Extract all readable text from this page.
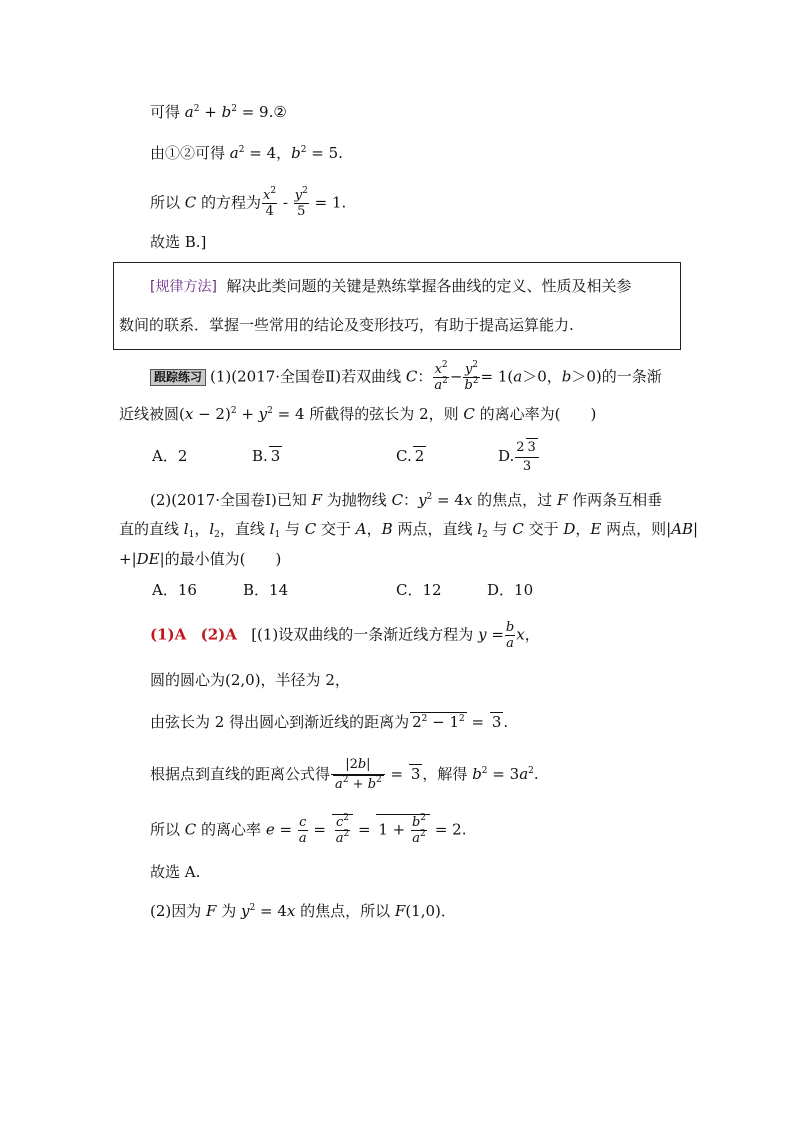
可得 $a^2 + b^2$ = 9.②
由①②可得 $a^2 = 4$，$b^2 = 5$.
所以 C 的方程为 $\frac{x^2}{4} - \frac{y^2}{5} = 1$.
故选 B.]
[规律方法] 解决此类问题的关键是熟练掌握各曲线的定义、性质及相关参
数间的联系．掌握一些常用的结论及变形技巧，有助于提高运算能力.
跟踪练习 (1)(2017·全国卷Ⅱ)若双曲线 C： $\frac{x^2}{a^2} - \frac{y^2}{b^2} = 1(a>0$，b＞0)的一条渐
近线被圆$(x - 2)^2 + y^2 = 4$ 所截得的弦长为 2，则 C 的离心率为(　　)
A．2	B. 3	C. 2	D. $\frac{2 3}{3}$
(2)(2017·全国卷Ⅰ)已知 F 为抛物线 C：$y^2 = 4x$ 的焦点，过 F 作两条互相垂
直的直线 $l_1$，$l_2$，直线 $l_1$ 与 C 交于 A，B 两点，直线 $l_2$ 与 C 交于 D，E 两点，则|AB|
+|DE|的最小值为(　　)
A．16	B．14	C．12	D．10
(1)A (2)A [(1)设双曲线的一条渐近线方程为 $y = \frac{b}{a}$ x，
圆的圆心为(2,0)，半径为 2，
由弦长为 2 得出圆心到渐近线的距离为 $2^2 - 1^2 = 3$ .
根据点到直线的距离公式得 $\frac{|2b|}{a^2 + b^2} = 3$ ，解得 $b^2 = 3a^2$.
所以 C 的离心率 $e = \frac{c}{a} = \frac{c^2}{a^2} = 1 + \frac{b^2}{a^2} = 2$.
故选 A.
(2)因为 F 为 $y^2 = 4x$ 的焦点，所以 F(1,0)．
